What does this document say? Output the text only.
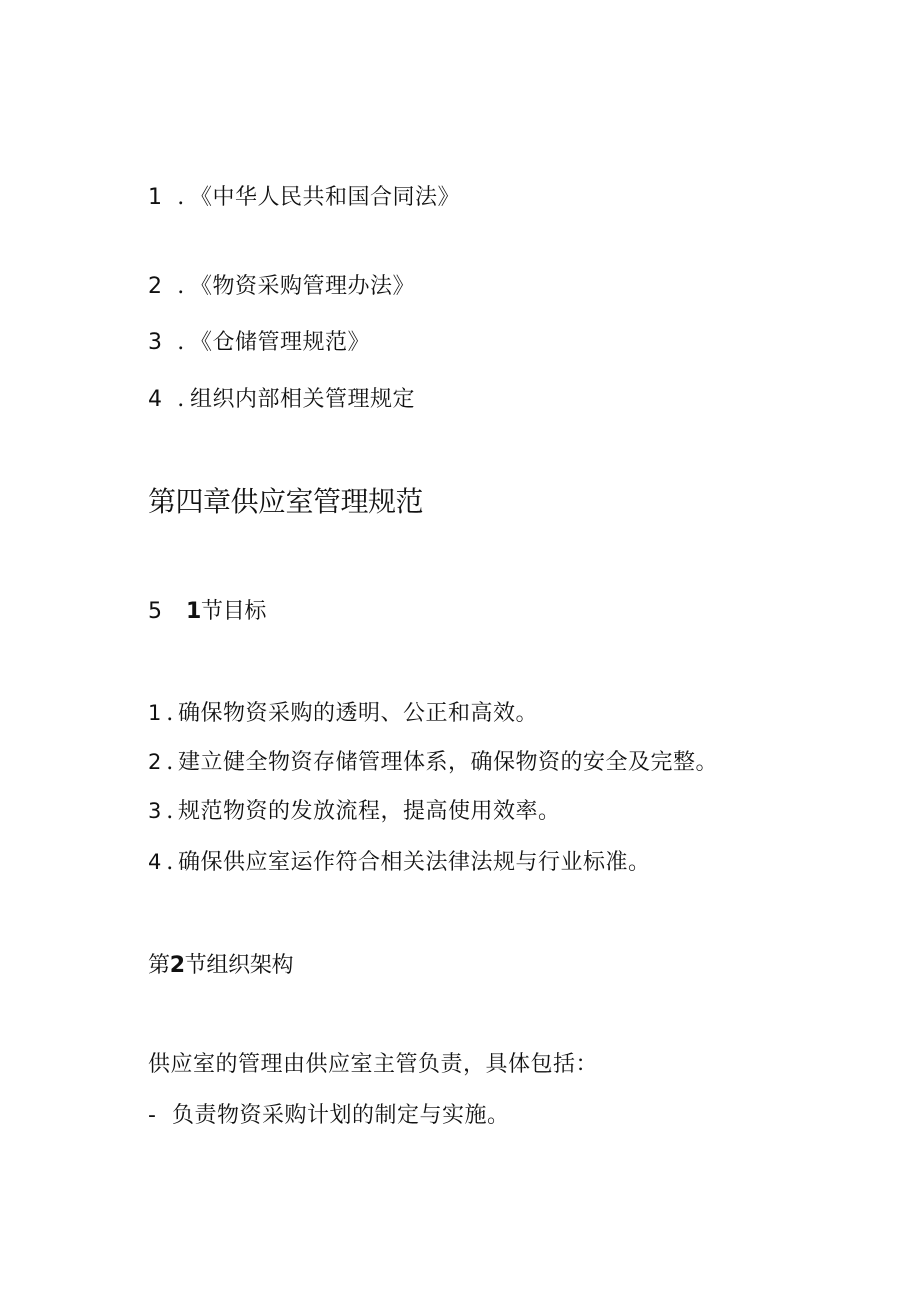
1 . 《中华人民共和国合同法》
2 . 《物资采购管理办法》
3 . 《仓储管理规范》
4 . 组织内部相关管理规定
第四章供应室管理规范
5 1节目标
1 . 确保物资采购的透明、公正和高效。
2 . 建立健全物资存储管理体系，确保物资的安全及完整。
3 . 规范物资的发放流程，提高使用效率。
4 . 确保供应室运作符合相关法律法规与行业标准。
第2节组织架构
供应室的管理由供应室主管负责，具体包括：
- 负责物资采购计划的制定与实施。
